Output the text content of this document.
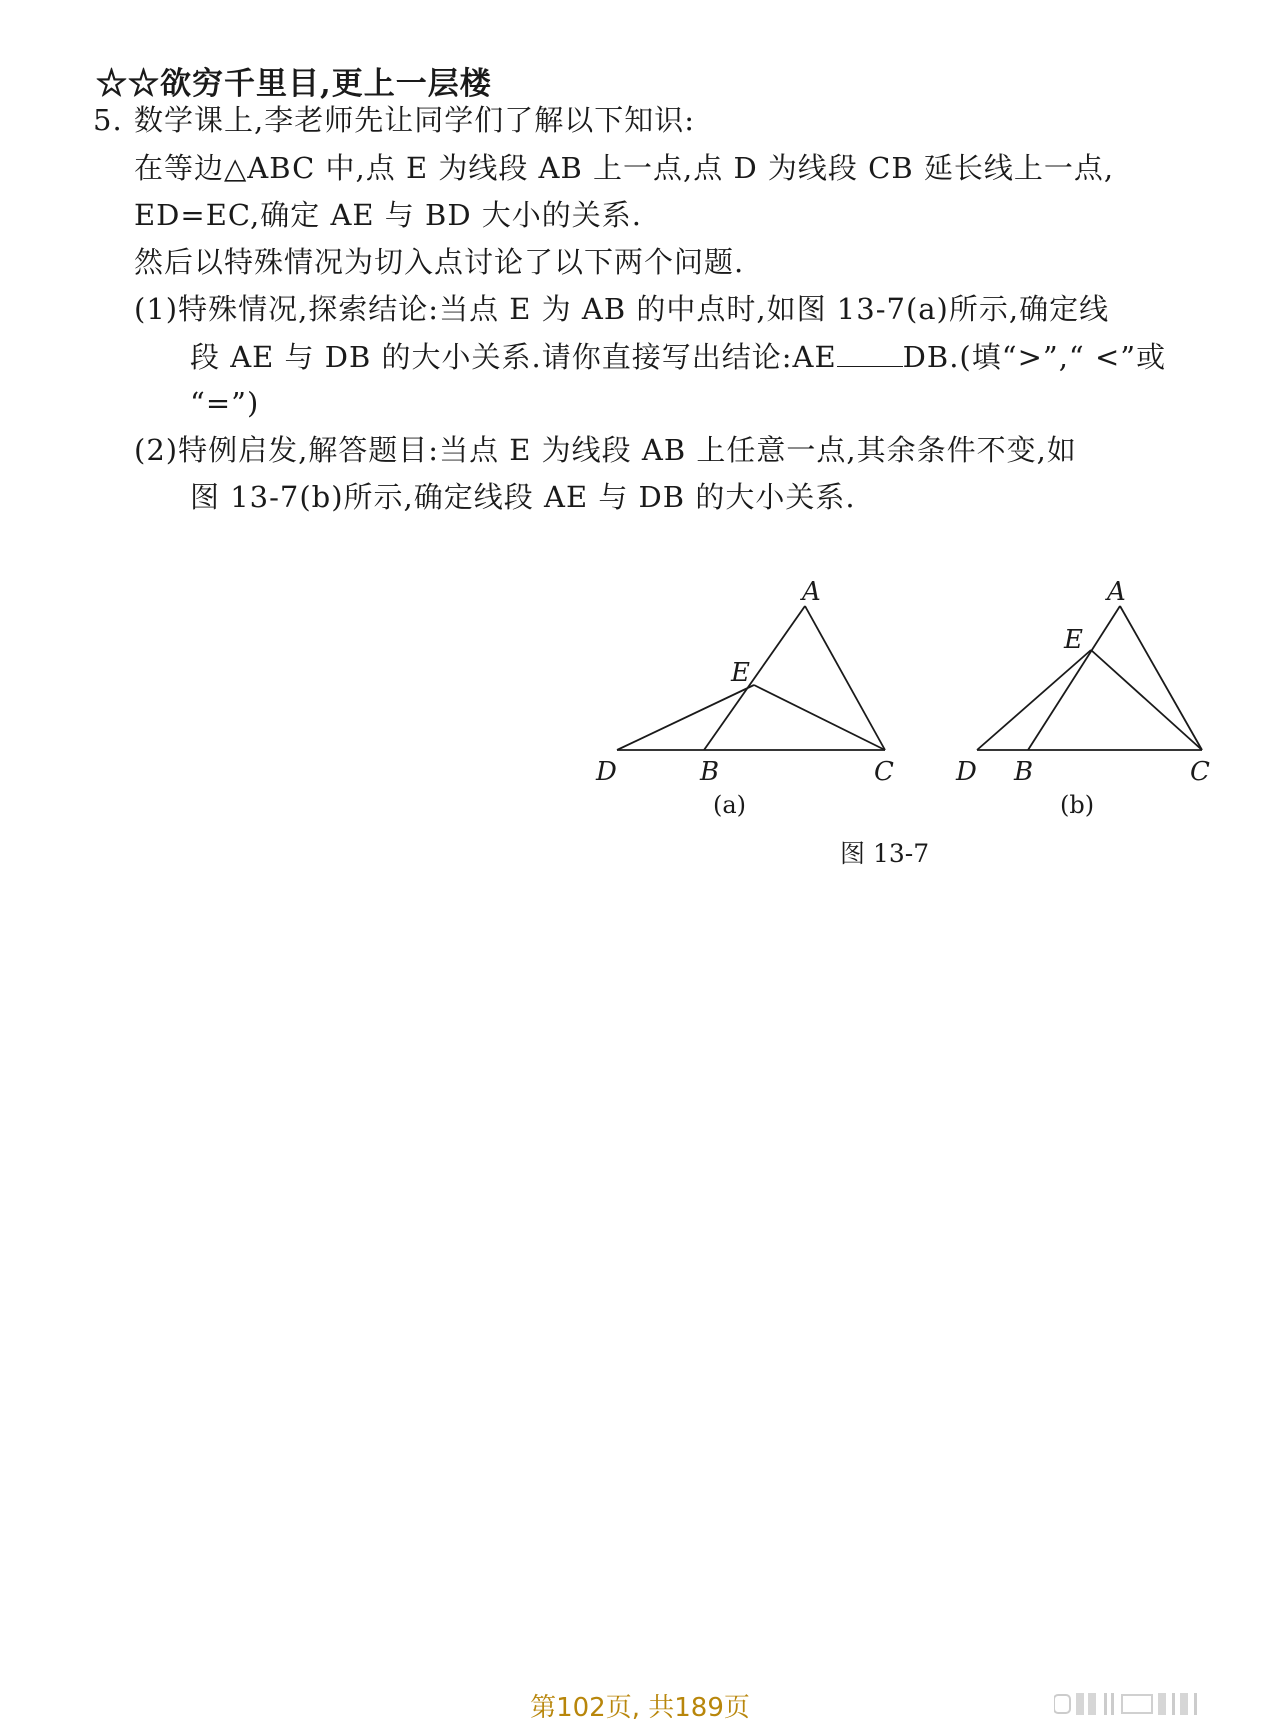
☆☆欲穷千里目,更上一层楼
5. 数学课上,李老师先让同学们了解以下知识:
在等边△ABC 中,点 E 为线段 AB 上一点,点 D 为线段 CB 延长线上一点,
ED=EC,确定 AE 与 BD 大小的关系.
然后以特殊情况为切入点讨论了以下两个问题.
(1)特殊情况,探索结论:当点 E 为 AB 的中点时,如图 13-7(a)所示,确定线
段 AE 与 DB 的大小关系.请你直接写出结论:AE DB.(填“>”,“ <”或
“=”)
(2)特例启发,解答题目:当点 E 为线段 AB 上任意一点,其余条件不变,如
图 13-7(b)所示,确定线段 AE 与 DB 的大小关系.
A
E
D	B	C
(a)
A
E
D B	C
(b)
图 13-7
第102页, 共189页
